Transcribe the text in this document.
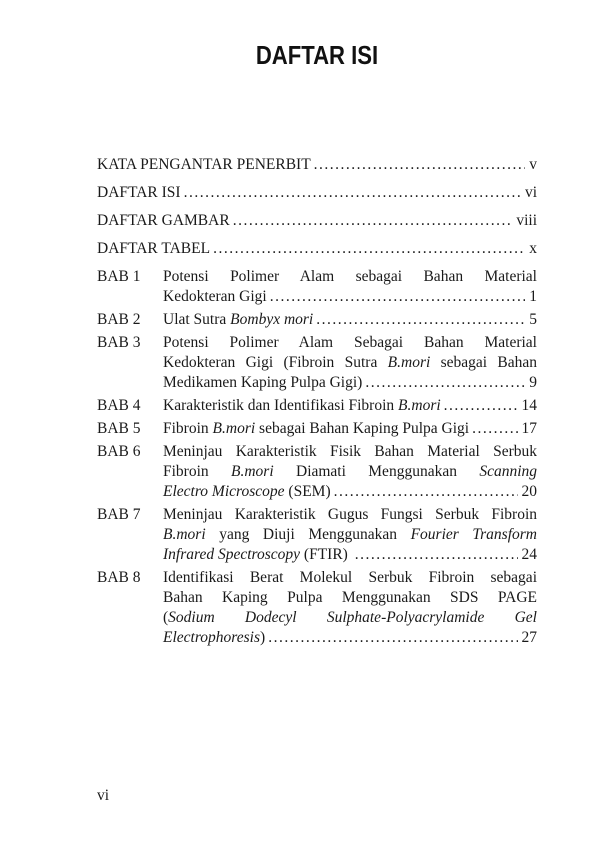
DAFTAR ISI
KATA PENGANTAR PENERBIT .....	v
DAFTAR ISI .....	vi
DAFTAR GAMBAR .....	viii
DAFTAR TABEL .....	x
BAB 1	Potensi Polimer Alam sebagai Bahan Material
Kedokteran Gigi .....	1
BAB 2	Ulat Sutra Bombyx mori .....	5
BAB 3	Potensi Polimer Alam Sebagai Bahan Material
Kedokteran Gigi (Fibroin Sutra B.mori sebagai Bahan
Medikamen Kaping Pulpa Gigi) .....	9
BAB 4	Karakteristik dan Identifikasi Fibroin B.mori .....	14
BAB 5	Fibroin B.mori sebagai Bahan Kaping Pulpa Gigi .....	17
BAB 6	Meninjau Karakteristik Fisik Bahan Material Serbuk
Fibroin B.mori Diamati Menggunakan Scanning
Electro Microscope (SEM) .....	20
BAB 7	Meninjau Karakteristik Gugus Fungsi Serbuk Fibroin
B.mori yang Diuji Menggunakan Fourier Transform
Infrared Spectroscopy (FTIR) .....	24
BAB 8	Identifikasi Berat Molekul Serbuk Fibroin sebagai
Bahan Kaping Pulpa Menggunakan SDS PAGE
(Sodium Dodecyl Sulphate-Polyacrylamide Gel
Electrophoresis) .....	27
vi
